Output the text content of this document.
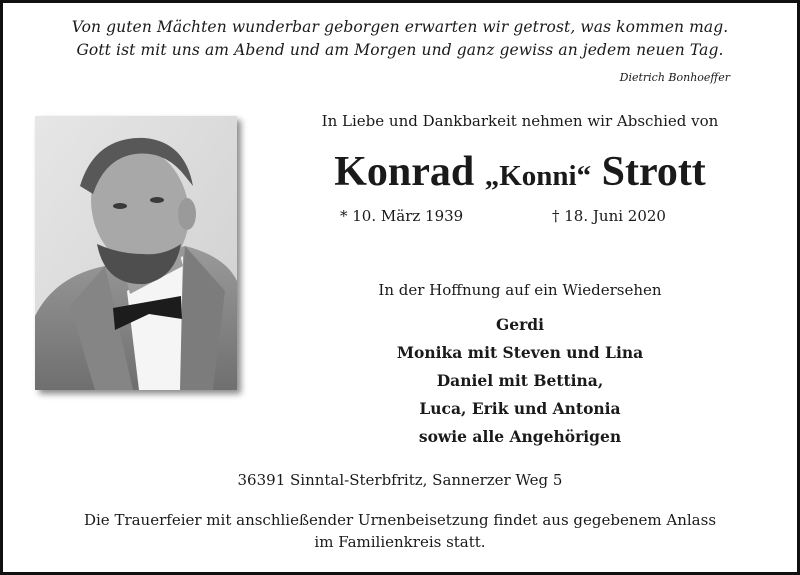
Von guten Mächten wunderbar geborgen erwarten wir getrost, was kommen mag.
Gott ist mit uns am Abend und am Morgen und ganz gewiss an jedem neuen Tag.
Dietrich Bonhoeffer
In Liebe und Dankbarkeit nehmen wir Abschied von
Konrad „Konni“ Strott
* 10. März 1939	† 18. Juni 2020
In der Hoffnung auf ein Wiedersehen
Gerdi
Monika mit Steven und Lina
Daniel mit Bettina,
Luca, Erik und Antonia
sowie alle Angehörigen
36391 Sinntal-Sterbfritz, Sannerzer Weg 5
Die Trauerfeier mit anschließender Urnenbeisetzung findet aus gegebenem Anlass
im Familienkreis statt.
